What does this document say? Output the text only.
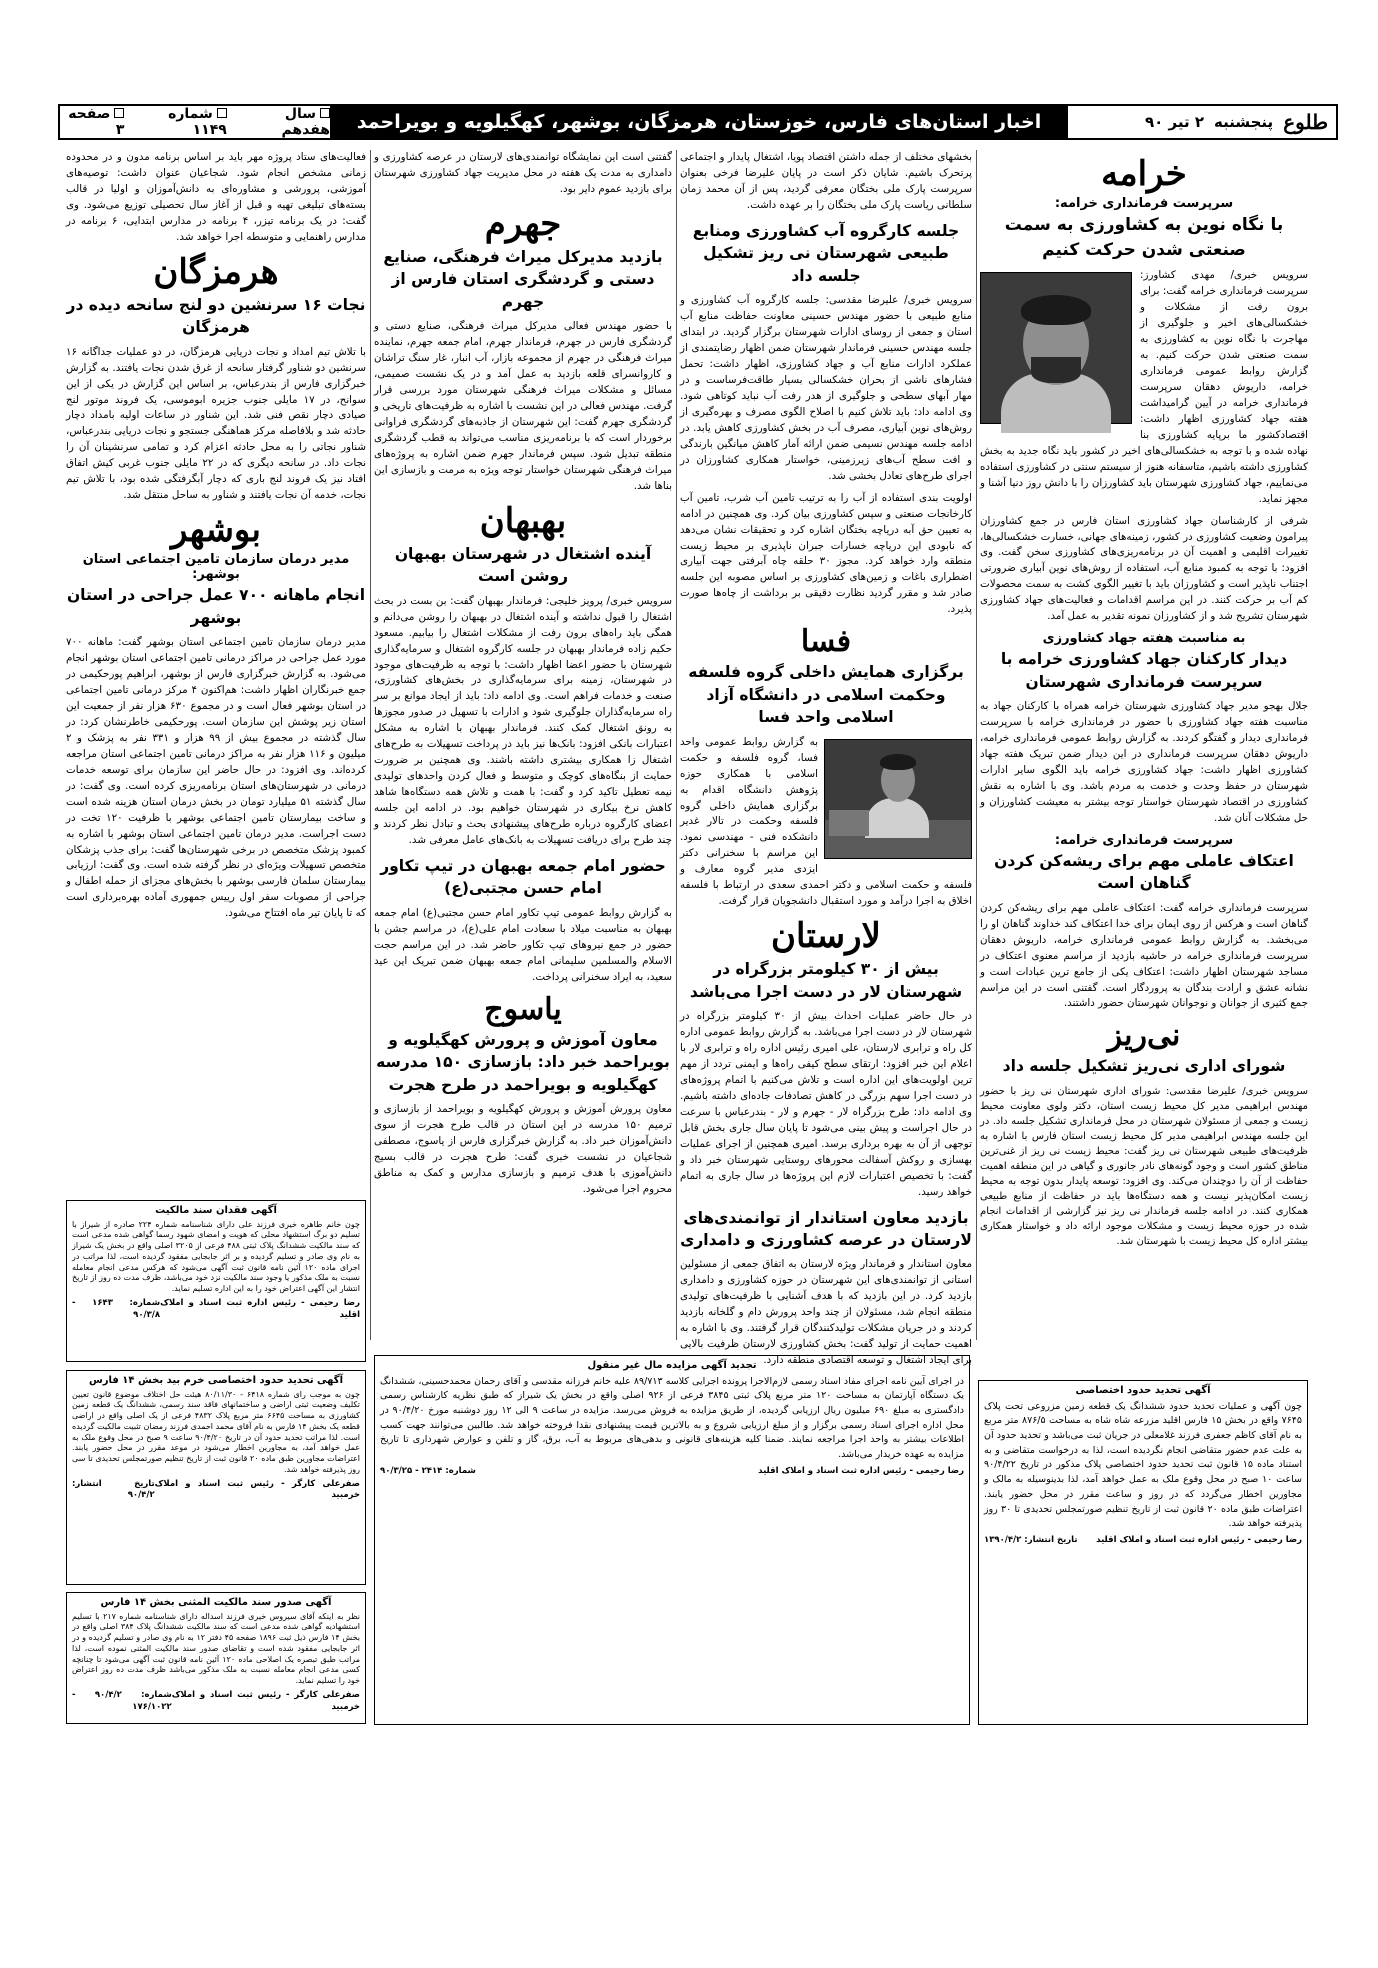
طلوع
پنجشنبه
۲ تیر ۹۰
اخبار استان‌های فارس، خوزستان، هرمزگان، بوشهر، کهگیلویه و بویراحمد
سال هفدهم
شماره ۱۱۴۹
صفحه ۳
خرامه
سرپرست فرمانداری خرامه:
با نگاه نوین به کشاورزی به سمت صنعتی شدن حرکت کنیم

سرویس خبری/ مهدی کشاورز: سرپرست فرمانداری خرامه گفت: برای برون رفت از مشکلات و خشکسالی‌های اخیر و جلوگیری از مهاجرت با نگاه نوین به کشاورزی به سمت صنعتی شدن حرکت کنیم. به گزارش روابط عمومی فرمانداری خرامه، داریوش دهقان سرپرست فرمانداری خرامه در آیین گرامیداشت هفته جهاد کشاورزی اظهار داشت: اقتصادکشور ما برپایه کشاورزی بنا نهاده شده و با توجه به خشکسالی‌های اخیر در کشور باید نگاه جدید به بخش کشاورزی داشته باشیم، متاسفانه هنوز از سیستم سنتی در کشاورزی استفاده می‌نماییم، جهاد کشاورزی شهرستان باید کشاورزان را با دانش روز دنیا آشنا و مجهز نماید.

شرفی از کارشناسان جهاد کشاورزی استان فارس در جمع کشاورزان پیرامون وضعیت کشاورزی در کشور، زمینه‌های جهانی، خسارت خشکسالی‌ها، تغییرات اقلیمی و اهمیت آن در برنامه‌ریزی‌های کشاورزی سخن گفت. وی افزود: با توجه به کمبود منابع آب، استفاده از روش‌های نوین آبیاری ضرورتی اجتناب ناپذیر است و کشاورزان باید با تغییر الگوی کشت به سمت محصولات کم آب بر حرکت کنند. در این مراسم اقدامات و فعالیت‌های جهاد کشاورزی شهرستان تشریح شد و از کشاورزان نمونه تقدیر به عمل آمد.

به مناسبت هفته جهاد کشاورزی
دیدار کارکنان جهاد کشاورزی خرامه با سرپرست فرمانداری شهرستان

جلال بهجو مدیر جهاد کشاورزی شهرستان خرامه همراه با کارکنان جهاد به مناسبت هفته جهاد کشاورزی با حضور در فرمانداری خرامه با سرپرست فرمانداری دیدار و گفتگو کردند. به گزارش روابط عمومی فرمانداری خرامه، داریوش دهقان سرپرست فرمانداری در این دیدار ضمن تبریک هفته جهاد کشاورزی اظهار داشت: جهاد کشاورزی خرامه باید الگوی سایر ادارات شهرستان در حفظ وحدت و خدمت به مردم باشد. وی با اشاره به نقش کشاورزی در اقتصاد شهرستان خواستار توجه بیشتر به معیشت کشاورزان و حل مشکلات آنان شد.

سرپرست فرمانداری خرامه:
اعتکاف عاملی مهم برای ریشه‌کن کردن گناهان است

سرپرست فرمانداری خرامه گفت: اعتکاف عاملی مهم برای ریشه‌کن کردن گناهان است و هرکس از روی ایمان برای خدا اعتکاف کند خداوند گناهان او را می‌بخشد. به گزارش روابط عمومی فرمانداری خرامه، داریوش دهقان سرپرست فرمانداری خرامه در حاشیه بازدید از مراسم معنوی اعتکاف در مساجد شهرستان اظهار داشت: اعتکاف یکی از جامع ترین عبادات است و نشانه عشق و ارادت بندگان به پروردگار است. گفتنی است در این مراسم جمع کثیری از جوانان و نوجوانان شهرستان حضور داشتند.

نی‌ریز
شورای اداری نی‌ریز تشکیل جلسه داد

سرویس خبری/ علیرضا مقدسی: شورای اداری شهرستان نی ریز با حضور مهندس ابراهیمی مدیر کل محیط زیست استان، دکتر ولوی معاونت محیط زیست و جمعی از مسئولان شهرستان در محل فرمانداری تشکیل جلسه داد. در این جلسه مهندس ابراهیمی مدیر کل محیط زیست استان فارس با اشاره به ظرفیت‌های طبیعی شهرستان نی ریز گفت: محیط زیست نی ریز از غنی‌ترین مناطق کشور است و وجود گونه‌های نادر جانوری و گیاهی در این منطقه اهمیت حفاظت از آن را دوچندان می‌کند. وی افزود: توسعه پایدار بدون توجه به محیط زیست امکان‌پذیر نیست و همه دستگاه‌ها باید در حفاظت از منابع طبیعی همکاری کنند. در ادامه جلسه فرماندار نی ریز نیز گزارشی از اقدامات انجام شده در حوزه محیط زیست و مشکلات موجود ارائه داد و خواستار همکاری بیشتر اداره کل محیط زیست با شهرستان شد.

بخشهای مختلف از جمله داشتن اقتصاد پویا، اشتغال پایدار و اجتماعی پرتحرک باشیم. شایان ذکر است در پایان علیرضا فرخی بعنوان سرپرست پارک ملی بختگان معرفی گردید، پس از آن محمد زمان سلطانی ریاست پارک ملی بختگان را بر عهده داشت.

جلسه کارگروه آب کشاورزی ومنابع طبیعی شهرستان نی ریز تشکیل جلسه داد

سرویس خبری/ علیرضا مقدسی: جلسه کارگروه آب کشاورزی و منابع طبیعی با حضور مهندس حسینی معاونت حفاظت منابع آب استان و جمعی از روسای ادارات شهرستان برگزار گردید. در ابتدای جلسه مهندس حسینی فرماندار شهرستان ضمن اظهار رضایتمندی از عملکرد ادارات منابع آب و جهاد کشاورزی، اظهار داشت: تحمل فشارهای ناشی از بحران خشکسالی بسیار طاقت‌فرساست و در مهار آبهای سطحی و جلوگیری از هدر رفت آب نباید کوتاهی شود. وی ادامه داد: باید تلاش کنیم با اصلاح الگوی مصرف و بهره‌گیری از روش‌های نوین آبیاری، مصرف آب در بخش کشاورزی کاهش یابد. در ادامه جلسه مهندس نسیمی ضمن ارائه آمار کاهش میانگین بارندگی و افت سطح آب‌های زیرزمینی، خواستار همکاری کشاورزان در اجرای طرح‌های تعادل بخشی شد.

اولویت بندی استفاده از آب را به ترتیب تامین آب شرب، تامین آب کارخانجات صنعتی و سپس کشاورزی بیان کرد. وی همچنین در ادامه به تعیین حق آبه دریاچه بختگان اشاره کرد و تحقیقات نشان می‌دهد که نابودی این دریاچه خسارات جبران ناپذیری بر محیط زیست منطقه وارد خواهد کرد. مجوز ۳۰ حلقه چاه آبرفتی جهت آبیاری اضطراری باغات و زمین‌های کشاورزی بر اساس مصوبه این جلسه صادر شد و مقرر گردید نظارت دقیقی بر برداشت از چاه‌ها صورت پذیرد.

فسا
برگزاری همایش داخلی گروه فلسفه وحکمت اسلامی در دانشگاه آزاد اسلامی واحد فسا

به گزارش روابط عمومی واحد فسا، گروه فلسفه و حکمت اسلامی با همکاری حوزه پژوهش دانشگاه اقدام به برگزاری همایش داخلی گروه فلسفه وحکمت در تالار غدیر دانشکده فنی - مهندسی نمود. این مراسم با سخنرانی دکتر ایزدی مدیر گروه معارف و فلسفه و حکمت اسلامی و دکتر احمدی سعدی در ارتباط با فلسفه اخلاق به اجرا درآمد و مورد استقبال دانشجویان قرار گرفت.

لارستان
بیش از ۳۰ کیلومتر بزرگراه در شهرستان لار در دست اجرا می‌باشد

در حال حاضر عملیات احداث بیش از ۳۰ کیلومتر بزرگراه در شهرستان لار در دست اجرا می‌باشد. به گزارش روابط عمومی اداره کل راه و ترابری لارستان، علی امیری رئیس اداره راه و ترابری لار با اعلام این خبر افزود: ارتقای سطح کیفی راه‌ها و ایمنی تردد از مهم ترین اولویت‌های این اداره است و تلاش می‌کنیم با اتمام پروژه‌های در دست اجرا سهم بزرگی در کاهش تصادفات جاده‌ای داشته باشیم. وی ادامه داد: طرح بزرگراه لار - جهرم و لار - بندرعباس با سرعت در حال اجراست و پیش بینی می‌شود تا پایان سال جاری بخش قابل توجهی از آن به بهره برداری برسد. امیری همچنین از اجرای عملیات بهسازی و روکش آسفالت محورهای روستایی شهرستان خبر داد و گفت: با تخصیص اعتبارات لازم این پروژه‌ها در سال جاری به اتمام خواهد رسید.

بازدید معاون استاندار از توانمندی‌های لارستان در عرصه کشاورزی و دامداری

معاون استاندار و فرماندار ویژه لارستان به اتفاق جمعی از مسئولین استانی از توانمندی‌های این شهرستان در حوزه کشاورزی و دامداری بازدید کرد. در این بازدید که با هدف آشنایی با ظرفیت‌های تولیدی منطقه انجام شد، مسئولان از چند واحد پرورش دام و گلخانه بازدید کردند و در جریان مشکلات تولیدکنندگان قرار گرفتند. وی با اشاره به اهمیت حمایت از تولید گفت: بخش کشاورزی لارستان ظرفیت بالایی برای ایجاد اشتغال و توسعه اقتصادی منطقه دارد.

گفتنی است این نمایشگاه توانمندی‌های لارستان در عرصه کشاورزی و دامداری به مدت یک هفته در محل مدیریت جهاد کشاورزی شهرستان برای بازدید عموم دایر بود.

جهرم
بازدید مدیرکل میراث فرهنگی، صنایع دستی و گردشگری استان فارس از جهرم

با حضور مهندس فعالی مدیرکل میراث فرهنگی، صنایع دستی و گردشگری فارس در جهرم، فرماندار جهرم، امام جمعه جهرم، نماینده میراث فرهنگی در جهرم از مجموعه بازار، آب انبار، غار سنگ تراشان و کاروانسرای قلعه بازدید به عمل آمد و در یک نشست صمیمی، مسائل و مشکلات میراث فرهنگی شهرستان مورد بررسی قرار گرفت. مهندس فعالی در این نشست با اشاره به ظرفیت‌های تاریخی و گردشگری جهرم گفت: این شهرستان از جاذبه‌های گردشگری فراوانی برخوردار است که با برنامه‌ریزی مناسب می‌تواند به قطب گردشگری منطقه تبدیل شود. سپس فرماندار جهرم ضمن اشاره به پروژه‌های میراث فرهنگی شهرستان خواستار توجه ویژه به مرمت و بازسازی این بناها شد.

بهبهان
آینده اشتغال در شهرستان بهبهان روشن است

سرویس خبری/ پرویز خلیجی: فرماندار بهبهان گفت: بن بست در بحث اشتغال را قبول نداشته و آینده اشتغال در بهبهان را روشن می‌دانم و همگی باید راه‌های برون رفت از مشکلات اشتغال را بیابیم. مسعود حکیم زاده فرماندار بهبهان در جلسه کارگروه اشتغال و سرمایه‌گذاری شهرستان با حضور اعضا اظهار داشت: با توجه به ظرفیت‌های موجود در شهرستان، زمینه برای سرمایه‌گذاری در بخش‌های کشاورزی، صنعت و خدمات فراهم است. وی ادامه داد: باید از ایجاد موانع بر سر راه سرمایه‌گذاران جلوگیری شود و ادارات با تسهیل در صدور مجوزها به رونق اشتغال کمک کنند. فرماندار بهبهان با اشاره به مشکل اعتبارات بانکی افزود: بانک‌ها نیز باید در پرداخت تسهیلات به طرح‌های اشتغال زا همکاری بیشتری داشته باشند. وی همچنین بر ضرورت حمایت از بنگاه‌های کوچک و متوسط و فعال کردن واحدهای تولیدی نیمه تعطیل تاکید کرد و گفت: با همت و تلاش همه دستگاه‌ها شاهد کاهش نرخ بیکاری در شهرستان خواهیم بود. در ادامه این جلسه اعضای کارگروه درباره طرح‌های پیشنهادی بحث و تبادل نظر کردند و چند طرح برای دریافت تسهیلات به بانک‌های عامل معرفی شد.

حضور امام جمعه بهبهان در تیپ تکاور امام حسن مجتبی(ع)

به گزارش روابط عمومی تیپ تکاور امام حسن مجتبی(ع) امام جمعه بهبهان به مناسبت میلاد با سعادت امام علی(ع)، در مراسم جشن با حضور در جمع نیروهای تیپ تکاور حاضر شد. در این مراسم حجت الاسلام والمسلمین سلیمانی امام جمعه بهبهان ضمن تبریک این عید سعید، به ایراد سخنرانی پرداخت.

یاسوج
معاون آموزش و پرورش کهگیلویه و بویراحمد خبر داد: بازسازی ۱۵۰ مدرسه کهگیلویه و بویراحمد در طرح هجرت

معاون پرورش آموزش و پرورش کهگیلویه و بویراحمد از بازسازی و ترمیم ۱۵۰ مدرسه در این استان در قالب طرح هجرت از سوی دانش‌آموزان خبر داد. به گزارش خبرگزاری فارس از یاسوج، مصطفی شجاعیان در نشست خبری گفت: طرح هجرت در قالب بسیج دانش‌آموزی با هدف ترمیم و بازسازی مدارس و کمک به مناطق محروم اجرا می‌شود.

فعالیت‌های ستاد پروژه مهر باید بر اساس برنامه مدون و در محدوده زمانی مشخص انجام شود. شجاعیان عنوان داشت: توصیه‌های آموزشی، پرورشی و مشاوره‌ای به دانش‌آموزان و اولیا در قالب بسته‌های تبلیغی تهیه و قبل از آغاز سال تحصیلی توزیع می‌شود. وی گفت: در یک برنامه تیزر، ۴ برنامه در مدارس ابتدایی، ۶ برنامه در مدارس راهنمایی و متوسطه اجرا خواهد شد.

هرمزگان
نجات ۱۶ سرنشین دو لنج سانحه دیده در هرمزگان

با تلاش تیم امداد و نجات دریایی هرمزگان، در دو عملیات جداگانه ۱۶ سرنشین دو شناور گرفتار سانحه از غرق شدن نجات یافتند. به گزارش خبرگزاری فارس از بندرعباس، بر اساس این گزارش در یکی از این سوانح، در ۱۷ مایلی جنوب جزیره ابوموسی، یک فروند موتور لنج صیادی دچار نقص فنی شد. این شناور در ساعات اولیه بامداد دچار حادثه شد و بلافاصله مرکز هماهنگی جستجو و نجات دریایی بندرعباس، شناور نجاتی را به محل حادثه اعزام کرد و تمامی سرنشینان آن را نجات داد. در سانحه دیگری که در ۲۲ مایلی جنوب غربی کیش اتفاق افتاد نیز یک فروند لنج باری که دچار آبگرفتگی شده بود، با تلاش تیم نجات، خدمه آن نجات یافتند و شناور به ساحل منتقل شد.

بوشهر
مدیر درمان سازمان تامین اجتماعی استان بوشهر:
انجام ماهانه ۷۰۰ عمل جراحی در استان بوشهر

مدیر درمان سازمان تامین اجتماعی استان بوشهر گفت: ماهانه ۷۰۰ مورد عمل جراحی در مراکز درمانی تامین اجتماعی استان بوشهر انجام می‌شود. به گزارش خبرگزاری فارس از بوشهر، ابراهیم پورحکیمی در جمع خبرنگاران اظهار داشت: هم‌اکنون ۴ مرکز درمانی تامین اجتماعی در استان بوشهر فعال است و در مجموع ۶۳۰ هزار نفر از جمعیت این استان زیر پوشش این سازمان است. پورحکیمی خاطرنشان کرد: در سال گذشته در مجموع بیش از ۹۹ هزار و ۳۳۱ نفر به پزشک و ۲ میلیون و ۱۱۶ هزار نفر به مراکز درمانی تامین اجتماعی استان مراجعه کرده‌اند. وی افزود: در حال حاضر این سازمان برای توسعه خدمات درمانی در شهرستان‌های استان برنامه‌ریزی کرده است. وی گفت: در سال گذشته ۵۱ میلیارد تومان در بخش درمان استان هزینه شده است و ساخت بیمارستان تامین اجتماعی بوشهر با ظرفیت ۱۲۰ تخت در دست اجراست. مدیر درمان تامین اجتماعی استان بوشهر با اشاره به کمبود پزشک متخصص در برخی شهرستان‌ها گفت: برای جذب پزشکان متخصص تسهیلات ویژه‌ای در نظر گرفته شده است. وی گفت: ارزیابی بیمارستان سلمان فارسی بوشهر با بخش‌های مجزای از حمله اطفال و جراحی از مصوبات سفر اول رییس جمهوری آماده بهره‌برداری است که تا پایان تیر ماه افتتاح می‌شود.

آگهی فقدان سند مالکیت
چون خانم طاهره خیری فرزند علی دارای شناسنامه شماره ۲۲۴ صادره از شیراز با تسلیم دو برگ استشهاد محلی که هویت و امضای شهود رسما گواهی شده مدعی است که سند مالکیت ششدانگ پلاک ثبتی ۴۸۸ فرعی از ۳۲۰۵ اصلی واقع در بخش یک شیراز به نام وی صادر و تسلیم گردیده و بر اثر جابجایی مفقود گردیده است، لذا مراتب در اجرای ماده ۱۲۰ آئین نامه قانون ثبت آگهی می‌شود که هرکس مدعی انجام معامله نسبت به ملک مذکور یا وجود سند مالکیت نزد خود می‌باشد، ظرف مدت ده روز از تاریخ انتشار این آگهی اعتراض خود را به این اداره تسلیم نماید.
رضا رحیمی - رئیس اداره ثبت اسناد و املاک اقلید
شماره: ۱۶۴۳ - ۹۰/۳/۸
آگهی تحدید حدود اختصاصی خرم بید بخش ۱۴ فارس
چون به موجب رای شماره ۶۴۱۸ - ۸۰/۱۱/۳۰ هیئت حل اختلاف موضوع قانون تعیین تکلیف وضعیت ثبتی اراضی و ساختمانهای فاقد سند رسمی، ششدانگ یک قطعه زمین کشاورزی به مساحت ۶۶۴۵ متر مربع پلاک ۴۸۳۲ فرعی از یک اصلی واقع در اراضی قطعه یک بخش ۱۴ فارس به نام آقای محمد احمدی فرزند رمضان تثبیت مالکیت گردیده است. لذا مراتب تحدید حدود آن در تاریخ ۹۰/۴/۲۰ ساعت ۹ صبح در محل وقوع ملک به عمل خواهد آمد، به مجاورین اخطار می‌شود در موعد مقرر در محل حضور یابند. اعتراضات مجاورین طبق ماده ۲۰ قانون ثبت از تاریخ تنظیم صورتمجلس تحدیدی تا سی روز پذیرفته خواهد شد.
صفرعلی کارگر - رئیس ثبت اسناد و املاک خرمبید
تاریخ انتشار: ۹۰/۴/۲
آگهی صدور سند مالکیت المثنی بخش ۱۴ فارس
نظر به اینکه آقای سیروس خیری فرزند اسداله دارای شناسنامه شماره ۲۱۷ با تسلیم استشهادیه گواهی شده مدعی است که سند مالکیت ششدانگ پلاک ۳۸۴ اصلی واقع در بخش ۱۴ فارس ذیل ثبت ۱۸۹۶ صفحه ۴۵ دفتر ۱۲ به نام وی صادر و تسلیم گردیده و در اثر جابجایی مفقود شده است و تقاضای صدور سند مالکیت المثنی نموده است، لذا مراتب طبق تبصره یک اصلاحی ماده ۱۲۰ آئین نامه قانون ثبت آگهی می‌شود تا چنانچه کسی مدعی انجام معامله نسبت به ملک مذکور می‌باشد ظرف مدت ده روز اعتراض خود را تسلیم نماید.
صفرعلی کارگر - رئیس ثبت اسناد و املاک خرمبید
شماره: ۹۰/۴/۲ - ۱۷۶/۱۰۲۲
تجدید آگهی مزایده مال غیر منقول
در اجرای آیین نامه اجرای مفاد اسناد رسمی لازم‌الاجرا پرونده اجرایی کلاسه ۸۹/۷۱۳ علیه خانم فرزانه مقدسی و آقای رحمان محمدحسینی، ششدانگ یک دستگاه آپارتمان به مساحت ۱۲۰ متر مربع پلاک ثبتی ۳۸۴۵ فرعی از ۹۲۶ اصلی واقع در بخش یک شیراز که طبق نظریه کارشناس رسمی دادگستری به مبلغ ۶۹۰ میلیون ریال ارزیابی گردیده، از طریق مزایده به فروش می‌رسد. مزایده در ساعت ۹ الی ۱۲ روز دوشنبه مورخ ۹۰/۴/۲۰ در محل اداره اجرای اسناد رسمی برگزار و از مبلغ ارزیابی شروع و به بالاترین قیمت پیشنهادی نقدا فروخته خواهد شد. طالبین می‌توانند جهت کسب اطلاعات بیشتر به واحد اجرا مراجعه نمایند. ضمنا کلیه هزینه‌های قانونی و بدهی‌های مربوط به آب، برق، گاز و تلفن و عوارض شهرداری تا تاریخ مزایده به عهده خریدار می‌باشد.
رضا رحیمی - رئیس اداره ثبت اسناد و املاک اقلید
شماره: ۲۴۱۴ - ۹۰/۳/۲۵
آگهی تحدید حدود اختصاصی
چون آگهی و عملیات تحدید حدود ششدانگ یک قطعه زمین مزروعی تحت پلاک ۷۶۴۵ واقع در بخش ۱۵ فارس اقلید مزرعه شاه شاه به مساحت ۸۷۶/۵ متر مربع به نام آقای کاظم جعفری فرزند غلامعلی در جریان ثبت می‌باشد و تحدید حدود آن به علت عدم حضور متقاضی انجام نگردیده است، لذا به درخواست متقاضی و به استناد ماده ۱۵ قانون ثبت تحدید حدود اختصاصی پلاک مذکور در تاریخ ۹۰/۴/۲۲ ساعت ۱۰ صبح در محل وقوع ملک به عمل خواهد آمد، لذا بدینوسیله به مالک و مجاورین اخطار می‌گردد که در روز و ساعت مقرر در محل حضور یابند. اعتراضات طبق ماده ۲۰ قانون ثبت از تاریخ تنظیم صورتمجلس تحدیدی تا ۳۰ روز پذیرفته خواهد شد.
رضا رحیمی - رئیس اداره ثبت اسناد و املاک اقلید
تاریخ انتشار: ۱۳۹۰/۴/۲
